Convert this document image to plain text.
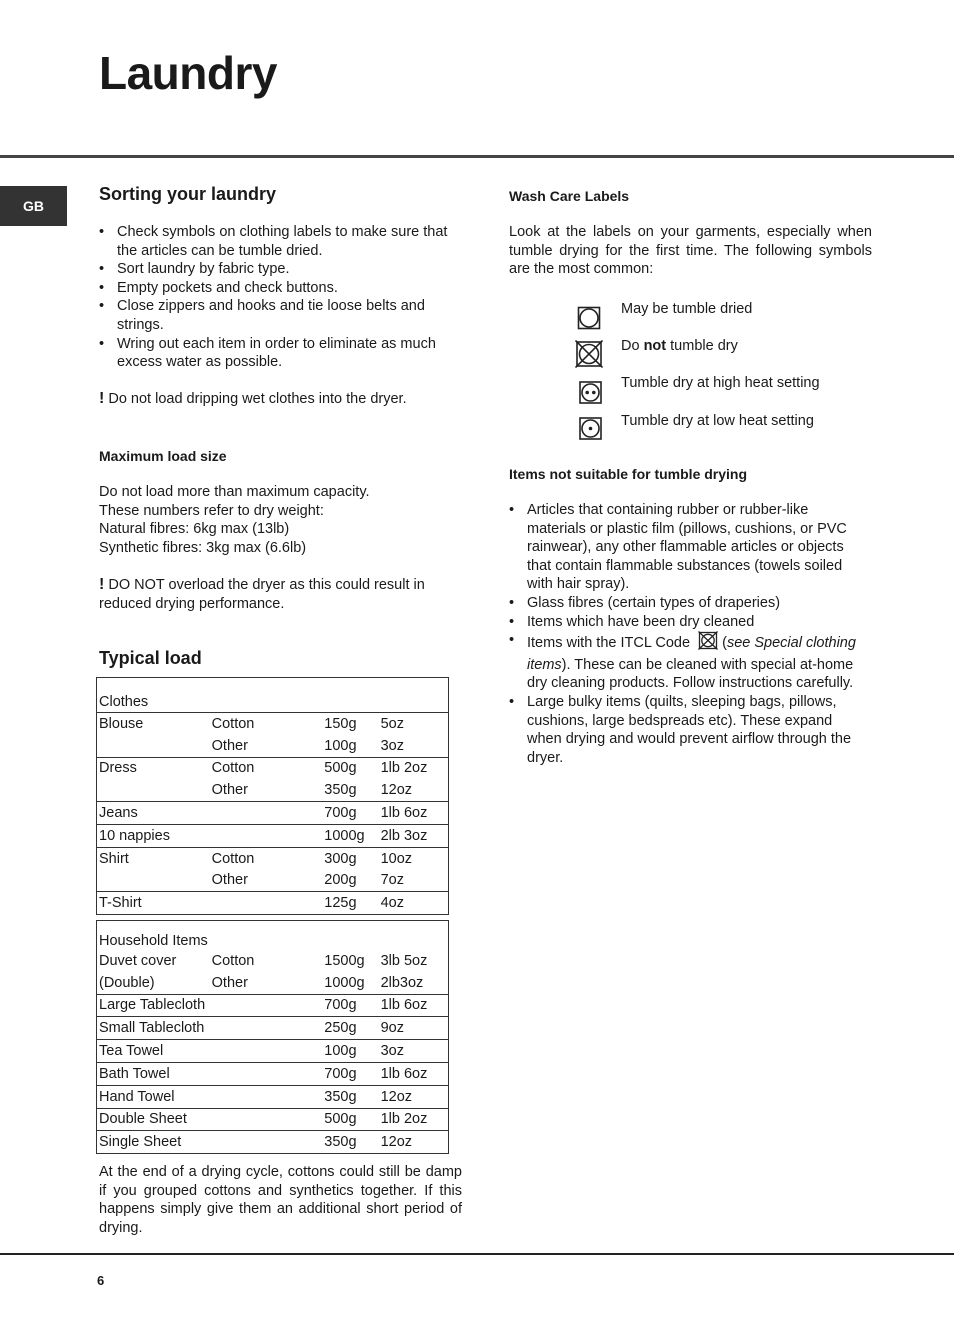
Laundry
GB
Sorting your laundry
• Check symbols on clothing labels to make sure that the articles can be tumble dried.
• Sort laundry by fabric type.
• Empty pockets and check buttons.
• Close zippers and hooks and tie loose belts and strings.
• Wring out each item in order to eliminate as much excess water as possible.

! Do not load dripping wet clothes into the dryer.

Maximum load size
Do not load more than maximum capacity.
These numbers refer to dry weight:
Natural fibres: 6kg max (13lb)
Synthetic fibres: 3kg max (6.6lb)

! DO NOT overload the dryer as this could result in reduced drying performance.

Typical load
Clothes			
Blouse	Cotton	150g	5oz
	Other	100g	3oz
Dress	Cotton	500g	1lb 2oz
	Other	350g	12oz
Jeans		700g	1lb 6oz
10 nappies		1000g	2lb 3oz
Shirt	Cotton	300g	10oz
	Other	200g	7oz
T-Shirt		125g	4oz
Household Items			
Duvet cover	Cotton	1500g	3lb 5oz
(Double)	Other	1000g	2lb3oz
Large Tablecloth		700g	1lb 6oz
Small Tablecloth		250g	9oz
Tea Towel		100g	3oz
Bath Towel		700g	1lb 6oz
Hand Towel		350g	12oz
Double Sheet		500g	1lb 2oz
Single Sheet		350g	12oz

At the end of a drying cycle, cottons could still be damp if you grouped cottons and synthetics together. If this happens simply give them an additional short period of drying.

Wash Care Labels

Look at the labels on your garments, especially when tumble drying for the first time. The following symbols are the most common:

May be tumble dried
Do not tumble dry
Tumble dry at high heat setting
Tumble dry at low heat setting
Items not suitable for tumble drying
• Articles that containing rubber or rubber-like materials or plastic film (pillows, cushions, or PVC rainwear), any other flammable articles or objects that contain flammable substances (towels soiled with hair spray).
• Glass fibres (certain types of draperies)
• Items which have been dry cleaned
• Items with the ITCL Code  (see Special clothing items). These can be cleaned with special at-home dry cleaning products. Follow instructions carefully.
• Large bulky items (quilts, sleeping bags, pillows, cushions, large bedspreads etc). These expand when drying and would prevent airflow through the dryer.
6
